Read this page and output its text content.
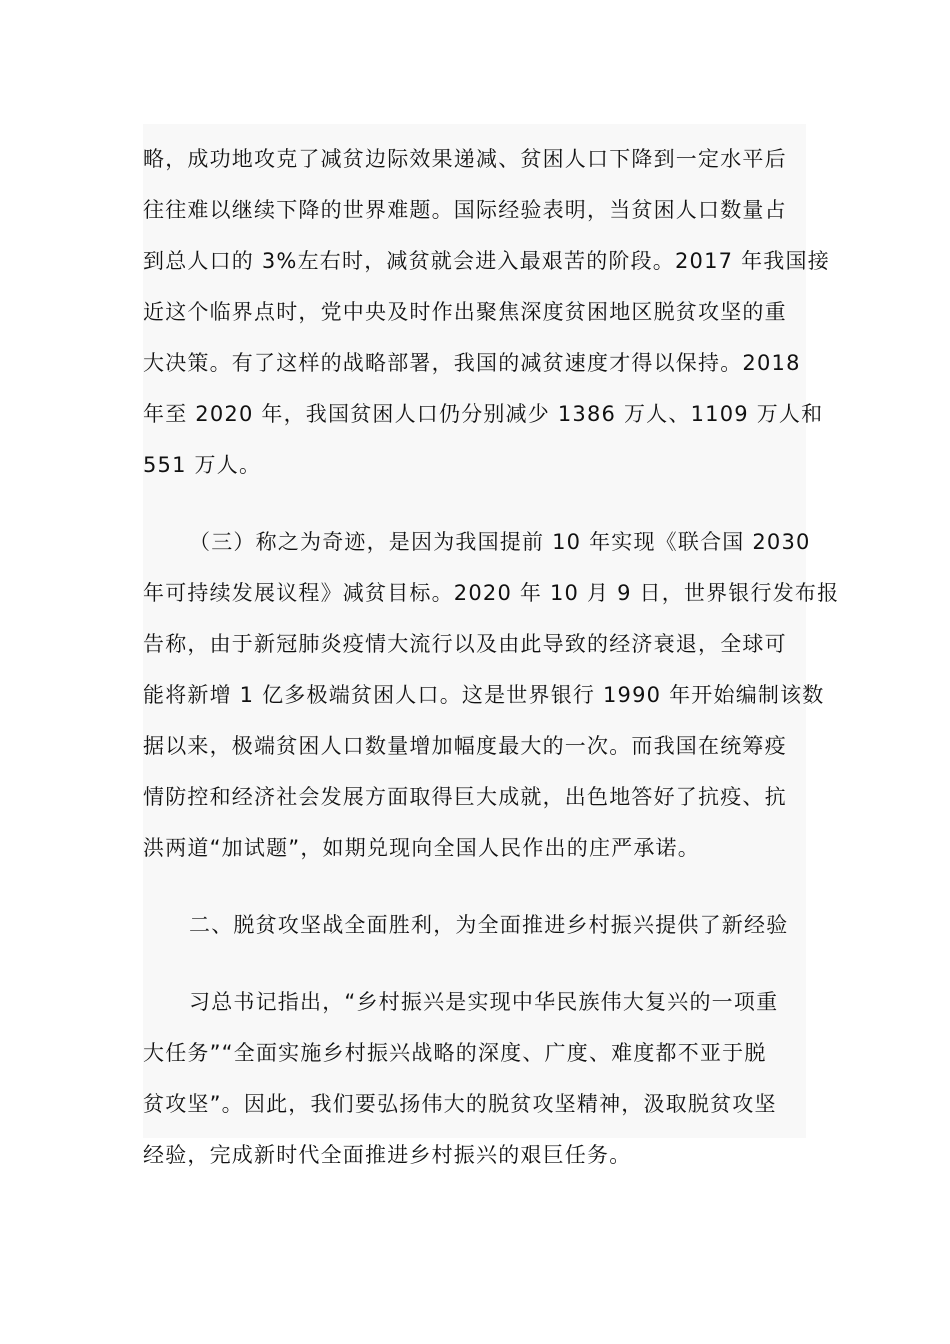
略，成功地攻克了减贫边际效果递减、贫困人口下降到一定水平后
往往难以继续下降的世界难题。国际经验表明，当贫困人口数量占
到总人口的 3%左右时，减贫就会进入最艰苦的阶段。2017 年我国接
近这个临界点时，党中央及时作出聚焦深度贫困地区脱贫攻坚的重
大决策。有了这样的战略部署，我国的减贫速度才得以保持。2018
年至 2020 年，我国贫困人口仍分别减少 1386 万人、1109 万人和
551 万人。
（三）称之为奇迹，是因为我国提前 10 年实现《联合国 2030
年可持续发展议程》减贫目标。2020 年 10 月 9 日，世界银行发布报
告称，由于新冠肺炎疫情大流行以及由此导致的经济衰退，全球可
能将新增 1 亿多极端贫困人口。这是世界银行 1990 年开始编制该数
据以来，极端贫困人口数量增加幅度最大的一次。而我国在统筹疫
情防控和经济社会发展方面取得巨大成就，出色地答好了抗疫、抗
洪两道“加试题”，如期兑现向全国人民作出的庄严承诺。
二、脱贫攻坚战全面胜利，为全面推进乡村振兴提供了新经验
习总书记指出，“乡村振兴是实现中华民族伟大复兴的一项重
大任务”“全面实施乡村振兴战略的深度、广度、难度都不亚于脱
贫攻坚”。因此，我们要弘扬伟大的脱贫攻坚精神，汲取脱贫攻坚
经验，完成新时代全面推进乡村振兴的艰巨任务。
